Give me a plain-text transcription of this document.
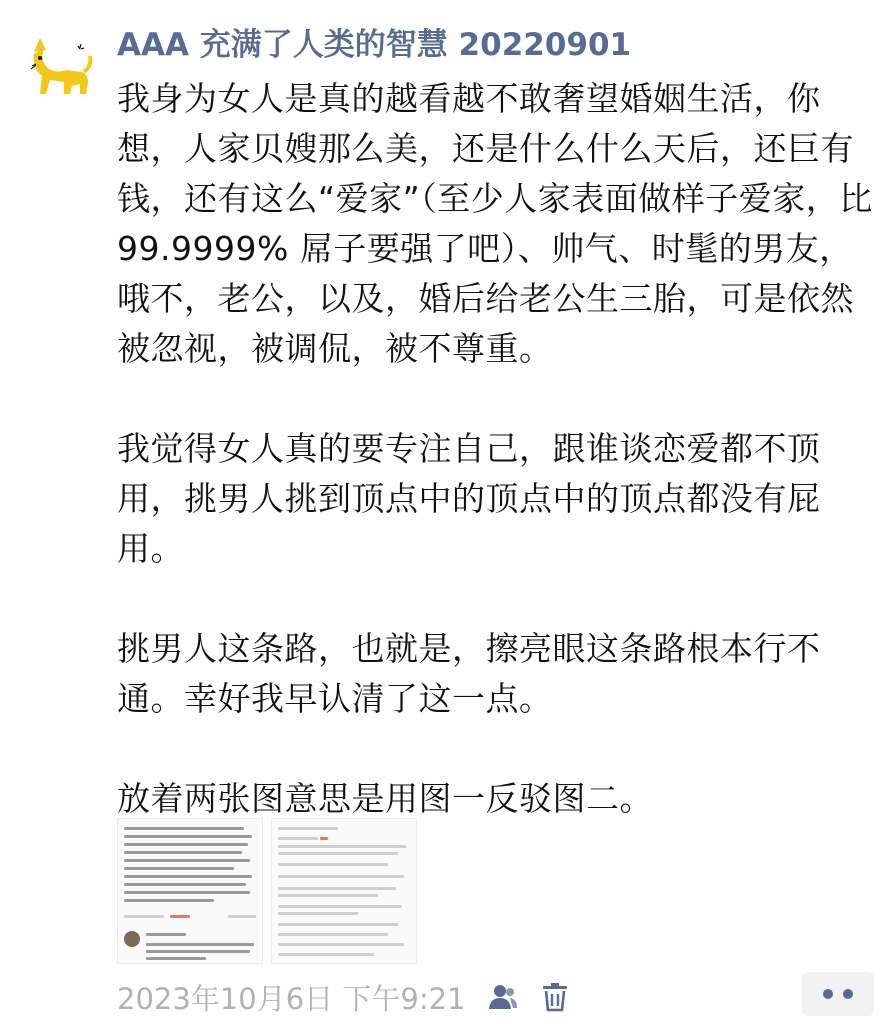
AAA 充满了人类的智慧 20220901
我身为女人是真的越看越不敢奢望婚姻生活，你想，人家贝嫂那么美，还是什么什么天后，还巨有钱，还有这么“爱家”（至少人家表面做样子爱家，比 99.9999% 屌子要强了吧）、帅气、时髦的男友，哦不，老公，以及，婚后给老公生三胎，可是依然被忽视，被调侃，被不尊重。
我觉得女人真的要专注自己，跟谁谈恋爱都不顶用，挑男人挑到顶点中的顶点中的顶点都没有屁用。
挑男人这条路，也就是，擦亮眼这条路根本行不通。幸好我早认清了这一点。
放着两张图意思是用图一反驳图二。
2023年10月6日 下午9:21
